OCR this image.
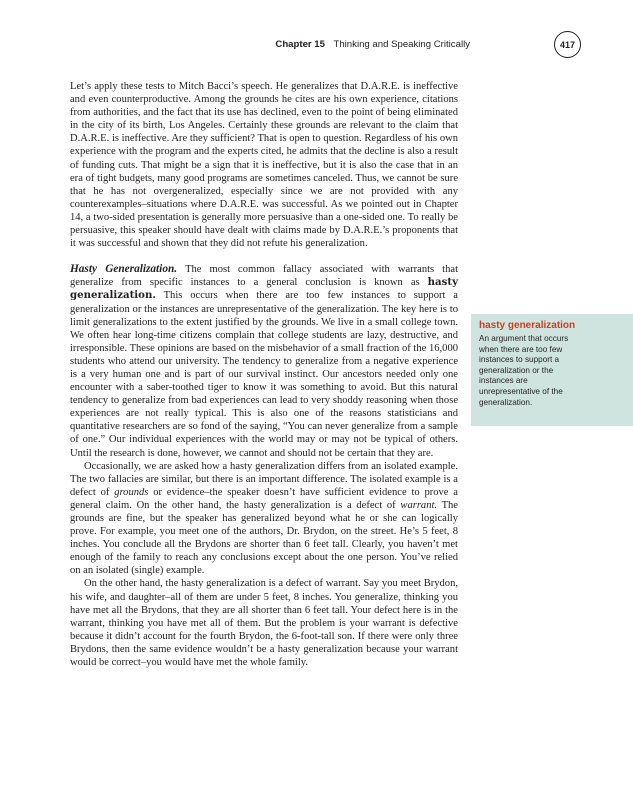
Chapter 15 Thinking and Speaking Critically	417

Let’s apply these tests to Mitch Bacci’s speech. He generalizes that D.A.R.E. is ineffective and even counterproductive. Among the grounds he cites are his own experience, citations from authorities, and the fact that its use has declined, even to the point of being eliminated in the city of its birth, Los Angeles. Certainly these grounds are relevant to the claim that D.A.R.E. is ineffective. Are they sufficient? That is open to question. Regardless of his own experience with the program and the experts cited, he admits that the decline is also a result of funding cuts. That might be a sign that it is ineffective, but it is also the case that in an era of tight budgets, many good programs are sometimes canceled. Thus, we cannot be sure that he has not overgeneralized, especially since we are not provided with any counterexamples–situations where D.A.R.E. was successful. As we pointed out in Chapter 14, a two-sided presentation is generally more persuasive than a one-sided one. To really be persuasive, this speaker should have dealt with claims made by D.A.R.E.’s proponents that it was successful and shown that they did not refute his generalization.

Hasty Generalization. The most common fallacy associated with warrants that generalize from specific instances to a general conclusion is known as hasty generalization. This occurs when there are too few instances to support a generalization or the instances are unrepresentative of the generalization. The key here is to limit generalizations to the extent justified by the grounds. We live in a small college town. We often hear long-time citizens complain that college students are lazy, destructive, and irresponsible. These opinions are based on the misbehavior of a small fraction of the 16,000 students who attend our university. The tendency to generalize from a negative experience is a very human one and is part of our survival instinct. Our ancestors needed only one encounter with a saber-toothed tiger to know it was something to avoid. But this natural tendency to generalize from bad experiences can lead to very shoddy reasoning when those experiences are not really typical. This is also one of the reasons statisticians and quantitative researchers are so fond of the saying, “You can never generalize from a sample of one.” Our individual experiences with the world may or may not be typical of others. Until the research is done, however, we cannot and should not be certain that they are.

Occasionally, we are asked how a hasty generalization differs from an isolated example. The two fallacies are similar, but there is an important difference. The isolated example is a defect of grounds or evidence–the speaker doesn’t have sufficient evidence to prove a general claim. On the other hand, the hasty generalization is a defect of warrant. The grounds are fine, but the speaker has generalized beyond what he or she can logically prove. For example, you meet one of the authors, Dr. Brydon, on the street. He’s 5 feet, 8 inches. You conclude all the Brydons are shorter than 6 feet tall. Clearly, you haven’t met enough of the family to reach any conclusions except about the one person. You’ve relied on an isolated (single) example.

On the other hand, the hasty generalization is a defect of warrant. Say you meet Brydon, his wife, and daughter–all of them are under 5 feet, 8 inches. You generalize, thinking you have met all the Brydons, that they are all shorter than 6 feet tall. Your defect here is in the warrant, thinking you have met all of them. But the problem is your warrant is defective because it didn’t account for the fourth Brydon, the 6-foot-tall son. If there were only three Brydons, then the same evidence wouldn’t be a hasty generalization because your warrant would be correct–you would have met the whole family.

hasty generalization
An argument that occurs when there are too few instances to support a generalization or the instances are unrepresentative of the generalization.
